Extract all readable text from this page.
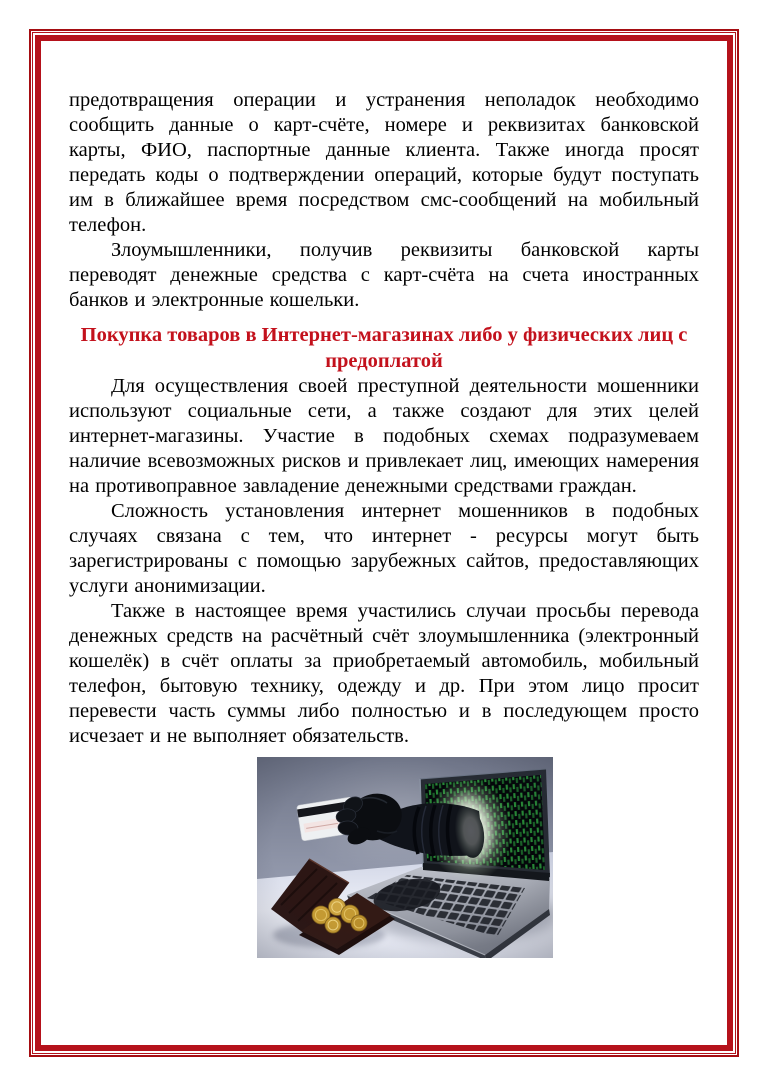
предотвращения операции и устранения неполадок необходимо сообщить данные о карт-счёте, номере и реквизитах банковской карты, ФИО, паспортные данные клиента. Также иногда просят передать коды о подтверждении операций, которые будут поступать им в ближайшее время посредством смс-сообщений на мобильный телефон.

Злоумышленники, получив реквизиты банковской карты переводят денежные средства с карт-счёта на счета иностранных банков и электронные кошельки.

Покупка товаров в Интернет-магазинах либо у физических лиц с предоплатой

Для осуществления своей преступной деятельности мошенники используют социальные сети, а также создают для этих целей интернет-магазины. Участие в подобных схемах подразумеваем наличие всевозможных рисков и привлекает лиц, имеющих намерения на противоправное завладение денежными средствами граждан.

Сложность установления интернет мошенников в подобных случаях связана с тем, что интернет - ресурсы могут быть зарегистрированы с помощью зарубежных сайтов, предоставляющих услуги анонимизации.

Также в настоящее время участились случаи просьбы перевода денежных средств на расчётный счёт злоумышленника (электронный кошелёк) в счёт оплаты за приобретаемый автомобиль, мобильный телефон, бытовую технику, одежду и др. При этом лицо просит перевести часть суммы либо полностью и в последующем просто исчезает и не выполняет обязательств.
